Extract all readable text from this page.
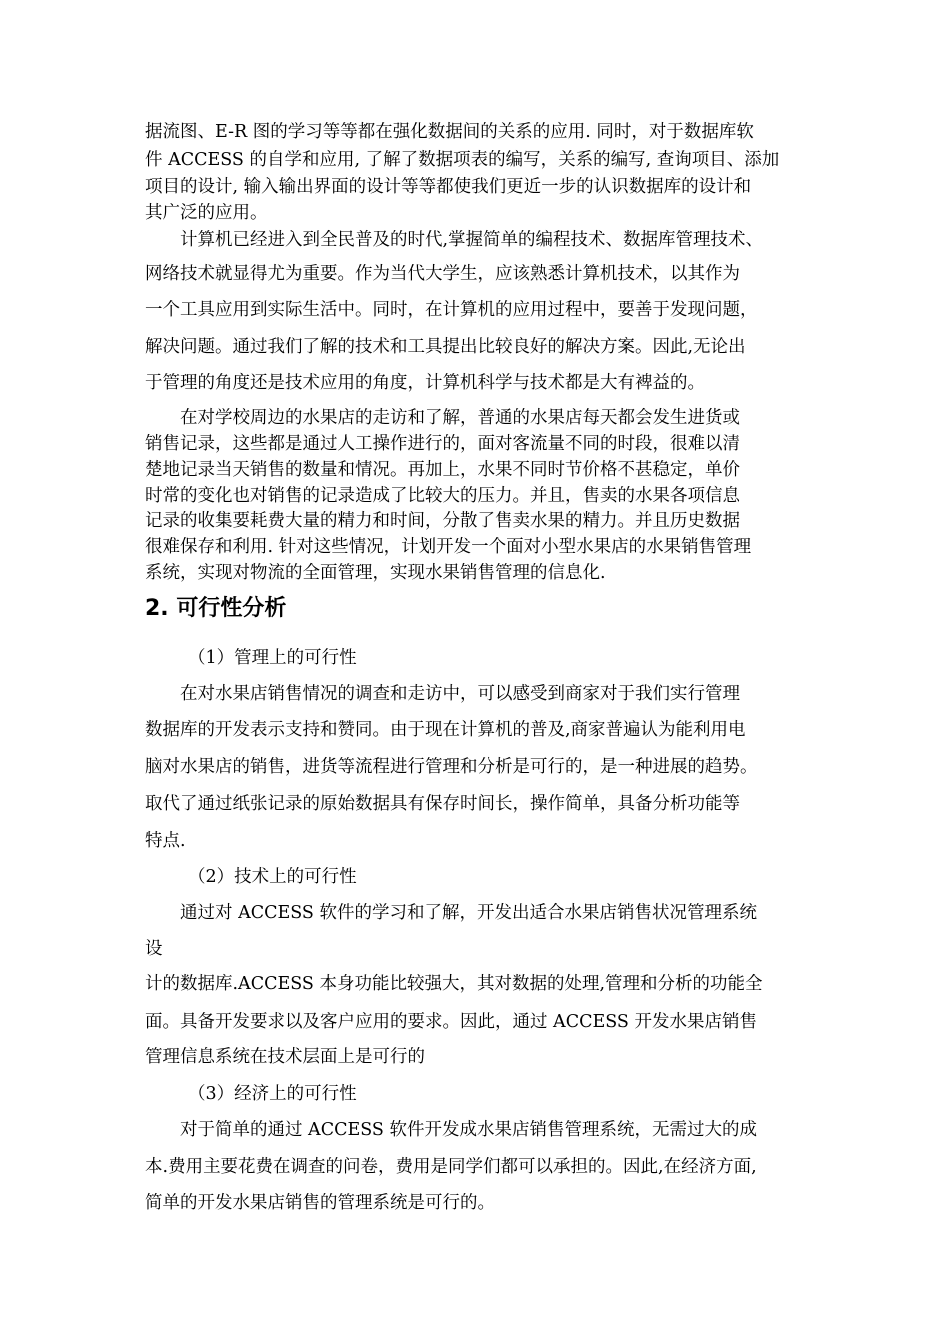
据流图、E-R 图的学习等等都在强化数据间的关系的应用. 同时，对于数据库软
件 ACCESS 的自学和应用, 了解了数据项表的编写，关系的编写, 查询项目、添加
项目的设计, 输入输出界面的设计等等都使我们更近一步的认识数据库的设计和
其广泛的应用。
计算机已经进入到全民普及的时代,掌握简单的编程技术、数据库管理技术、
网络技术就显得尤为重要。作为当代大学生，应该熟悉计算机技术，以其作为
一个工具应用到实际生活中。同时，在计算机的应用过程中，要善于发现问题，
解决问题。通过我们了解的技术和工具提出比较良好的解决方案。因此,无论出
于管理的角度还是技术应用的角度，计算机科学与技术都是大有裨益的。
在对学校周边的水果店的走访和了解，普通的水果店每天都会发生进货或
销售记录，这些都是通过人工操作进行的，面对客流量不同的时段，很难以清
楚地记录当天销售的数量和情况。再加上，水果不同时节价格不甚稳定，单价
时常的变化也对销售的记录造成了比较大的压力。并且，售卖的水果各项信息
记录的收集要耗费大量的精力和时间，分散了售卖水果的精力。并且历史数据
很难保存和利用. 针对这些情况，计划开发一个面对小型水果店的水果销售管理
系统，实现对物流的全面管理，实现水果销售管理的信息化.
2. 可行性分析
（1）管理上的可行性
在对水果店销售情况的调查和走访中，可以感受到商家对于我们实行管理
数据库的开发表示支持和赞同。由于现在计算机的普及,商家普遍认为能利用电
脑对水果店的销售，进货等流程进行管理和分析是可行的，是一种进展的趋势。
取代了通过纸张记录的原始数据具有保存时间长，操作简单，具备分析功能等
特点.
（2）技术上的可行性
通过对 ACCESS 软件的学习和了解，开发出适合水果店销售状况管理系统
设
计的数据库.ACCESS 本身功能比较强大，其对数据的处理,管理和分析的功能全
面。具备开发要求以及客户应用的要求。因此，通过 ACCESS 开发水果店销售
管理信息系统在技术层面上是可行的
（3）经济上的可行性
对于简单的通过 ACCESS 软件开发成水果店销售管理系统，无需过大的成
本.费用主要花费在调查的问卷，费用是同学们都可以承担的。因此,在经济方面,
简单的开发水果店销售的管理系统是可行的。
